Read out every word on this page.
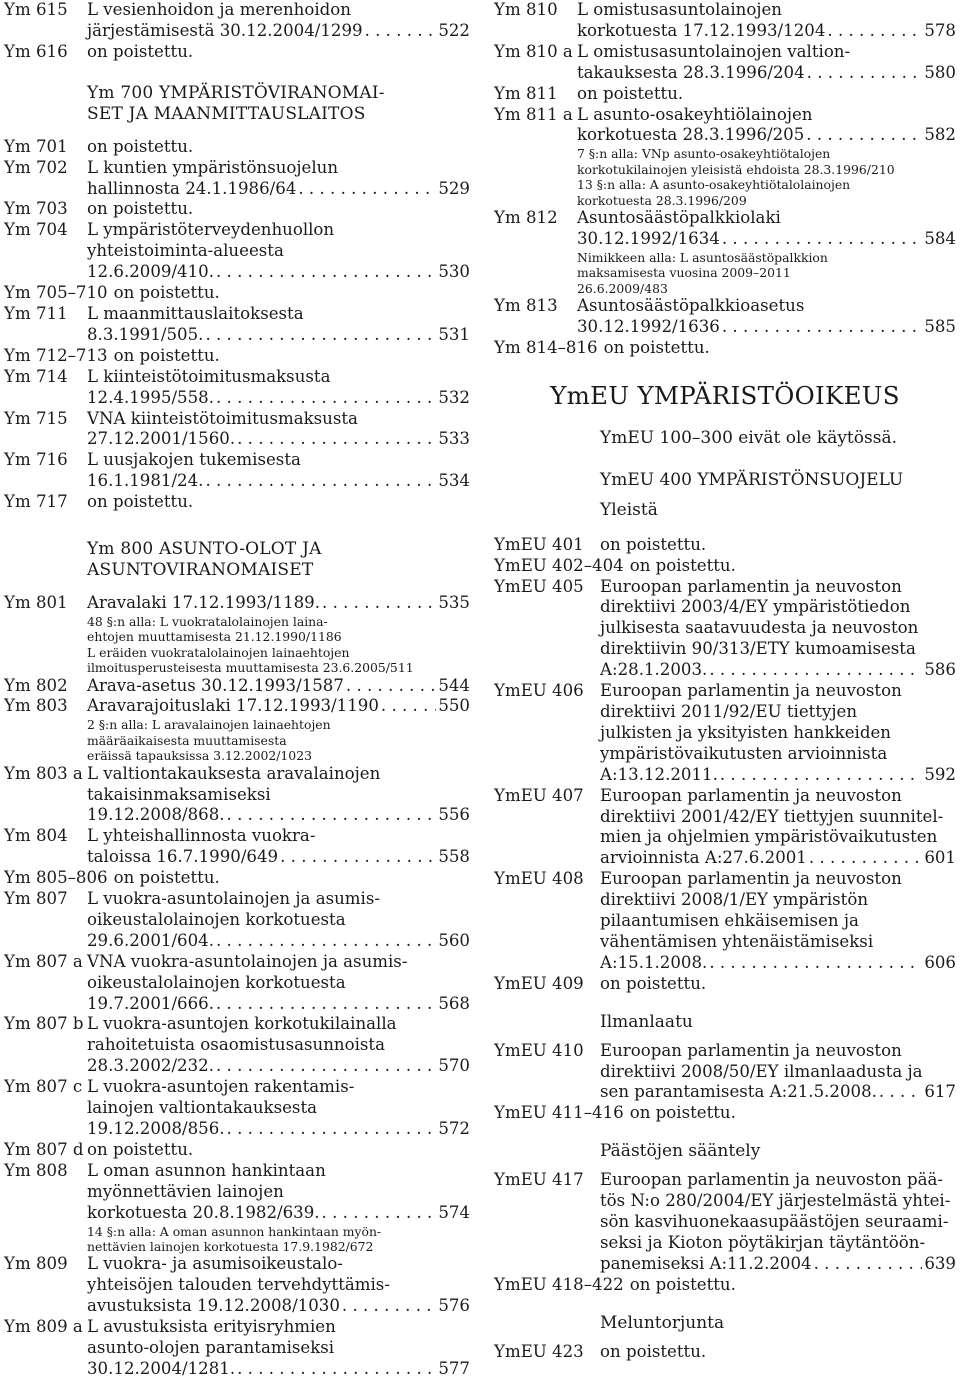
Ym 615 L vesienhoidon ja merenhoidon
järjestämisestä 30.12.2004/1299 . . .	522
Ym 616 on poistettu.
Ym 700 YMPÄRISTÖVIRANOMAI-
SET JA MAANMITTAUSLAITOS
Ym 701 on poistettu.
Ym 702 L kuntien ympäristönsuojelun
hallinnosta 24.1.1986/64 . . .	529
Ym 703 on poistettu.
Ym 704 L ympäristöterveydenhuollon
yhteistoiminta-alueesta
12.6.2009/410. . . .	530
Ym 705–710 on poistettu.
Ym 711 L maanmittauslaitoksesta
8.3.1991/505. . . .	531
Ym 712–713 on poistettu.
Ym 714 L kiinteistötoimitusmaksusta
12.4.1995/558. . . .	532
Ym 715 VNA kiinteistötoimitusmaksusta
27.12.2001/1560. . . .	533
Ym 716 L uusjakojen tukemisesta
16.1.1981/24. . . .	534
Ym 717 on poistettu.
Ym 800 ASUNTO-OLOT JA
ASUNTOVIRANOMAISET
Ym 801 Aravalaki 17.12.1993/1189. . . .	535
48 §:n alla: L vuokratalolainojen laina-
ehtojen muuttamisesta 21.12.1990/1186
L eräiden vuokratalolainojen lainaehtojen
ilmoitusperusteisesta muuttamisesta 23.6.2005/511
Ym 802 Arava-asetus 30.12.1993/1587 . . .	544
Ym 803 Aravarajoituslaki 17.12.1993/1190 . . .	550
2 §:n alla: L aravalainojen lainaehtojen
määräaikaisesta muuttamisesta
eräissä tapauksissa 3.12.2002/1023
Ym 803 a L valtiontakauksesta aravalainojen
takaisinmaksamiseksi
19.12.2008/868. . . .	556
Ym 804 L yhteishallinnosta vuokra-
taloissa 16.7.1990/649 . . .	558
Ym 805–806 on poistettu.
Ym 807 L vuokra-asuntolainojen ja asumis-
oikeustalolainojen korkotuesta
29.6.2001/604. . . .	560
Ym 807 a VNA vuokra-asuntolainojen ja asumis-
oikeustalolainojen korkotuesta
19.7.2001/666. . . .	568
Ym 807 b L vuokra-asuntojen korkotukilainalla
rahoitetuista osaomistusasunnoista
28.3.2002/232. . . .	570
Ym 807 c L vuokra-asuntojen rakentamis-
lainojen valtiontakauksesta
19.12.2008/856. . . .	572
Ym 807 d on poistettu.
Ym 808 L oman asunnon hankintaan
myönnettävien lainojen
korkotuesta 20.8.1982/639. . . .	574
14 §:n alla: A oman asunnon hankintaan myön-
nettävien lainojen korkotuesta 17.9.1982/672
Ym 809 L vuokra- ja asumisoikeustalo-
yhteisöjen talouden tervehdyttämis-
avustuksista 19.12.2008/1030 . . .	576
Ym 809 a L avustuksista erityisryhmien
asunto-olojen parantamiseksi
30.12.2004/1281. . . .	577
Ym 810 L omistusasuntolainojen
korkotuesta 17.12.1993/1204 . . .	578
Ym 810 a L omistusasuntolainojen valtion-
takauksesta 28.3.1996/204 . . .	580
Ym 811 on poistettu.
Ym 811 a L asunto-osakeyhtiölainojen
korkotuesta 28.3.1996/205 . . .	582
7 §:n alla: VNp asunto-osakeyhtiötalojen
korkotukilainojen yleisistä ehdoista 28.3.1996/210
13 §:n alla: A asunto-osakeyhtiötalolainojen
korkotuesta 28.3.1996/209
Ym 812 Asuntosäästöpalkkiolaki
30.12.1992/1634 . . .	584
Nimikkeen alla: L asuntosäästöpalkkion
maksamisesta vuosina 2009–2011
26.6.2009/483
Ym 813 Asuntosäästöpalkkioasetus
30.12.1992/1636 . . .	585
Ym 814–816 on poistettu.
YmEU YMPÄRISTÖOIKEUS
YmEU 100–300 eivät ole käytössä.
YmEU 400 YMPÄRISTÖNSUOJELU
Yleistä
YmEU 401 on poistettu.
YmEU 402–404 on poistettu.
YmEU 405 Euroopan parlamentin ja neuvoston
direktiivi 2003/4/EY ympäristötiedon
julkisesta saatavuudesta ja neuvoston
direktiivin 90/313/ETY kumoamisesta
A:28.1.2003. . . .	586
YmEU 406 Euroopan parlamentin ja neuvoston
direktiivi 2011/92/EU tiettyjen
julkisten ja yksityisten hankkeiden
ympäristövaikutusten arvioinnista
A:13.12.2011. . . .	592
YmEU 407 Euroopan parlamentin ja neuvoston
direktiivi 2001/42/EY tiettyjen suunnitel-
mien ja ohjelmien ympäristövaikutusten
arvioinnista A:27.6.2001 . . .	601
YmEU 408 Euroopan parlamentin ja neuvoston
direktiivi 2008/1/EY ympäristön
pilaantumisen ehkäisemisen ja
vähentämisen yhtenäistämiseksi
A:15.1.2008. . . .	606
YmEU 409 on poistettu.
Ilmanlaatu
YmEU 410 Euroopan parlamentin ja neuvoston
direktiivi 2008/50/EY ilmanlaadusta ja
sen parantamisesta A:21.5.2008. . . .	617
YmEU 411–416 on poistettu.
Päästöjen sääntely
YmEU 417 Euroopan parlamentin ja neuvoston pää-
tös N:o 280/2004/EY järjestelmästä yhtei-
sön kasvihuonekaasupäästöjen seuraami-
seksi ja Kioton pöytäkirjan täytäntöön-
panemiseksi A:11.2.2004 . . .	639
YmEU 418–422 on poistettu.
Meluntorjunta
YmEU 423 on poistettu.
